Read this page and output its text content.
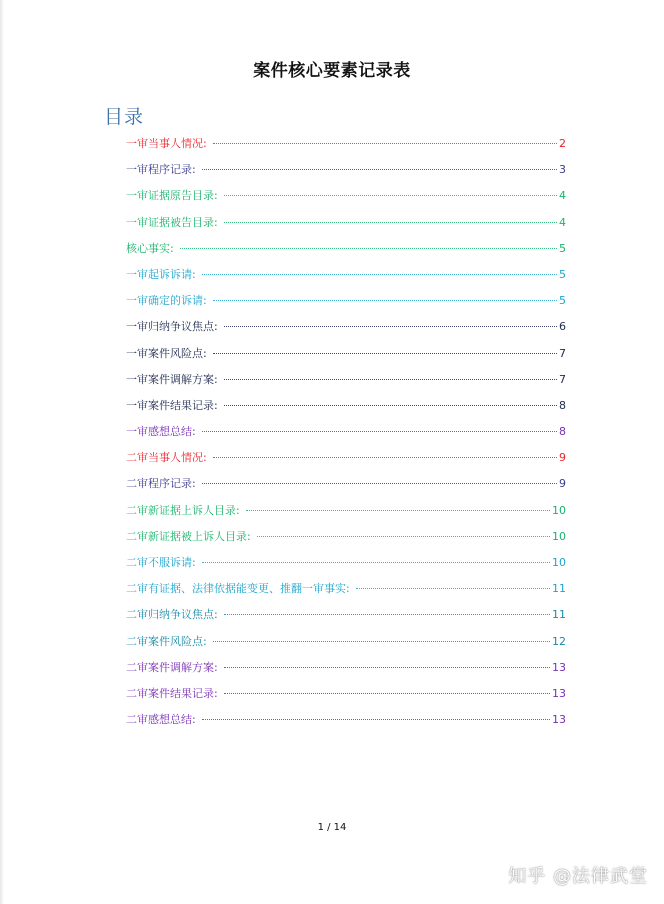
案件核心要素记录表
目录
一审当事人情况:	2
一审程序记录:	3
一审证据原告目录:	4
一审证据被告目录:	4
核心事实:	5
一审起诉诉请:	5
一审确定的诉请:	5
一审归纳争议焦点:	6
一审案件风险点:	7
一审案件调解方案:	7
一审案件结果记录:	8
一审感想总结:	8
二审当事人情况:	9
二审程序记录:	9
二审新证据上诉人目录:	10
二审新证据被上诉人目录:	10
二审不服诉请:	10
二审有证据、法律依据能变更、推翻一审事实:	11
二审归纳争议焦点:	11
二审案件风险点:	12
二审案件调解方案:	13
二审案件结果记录:	13
二审感想总结:	13
1 / 14
知乎 @法律武堂
